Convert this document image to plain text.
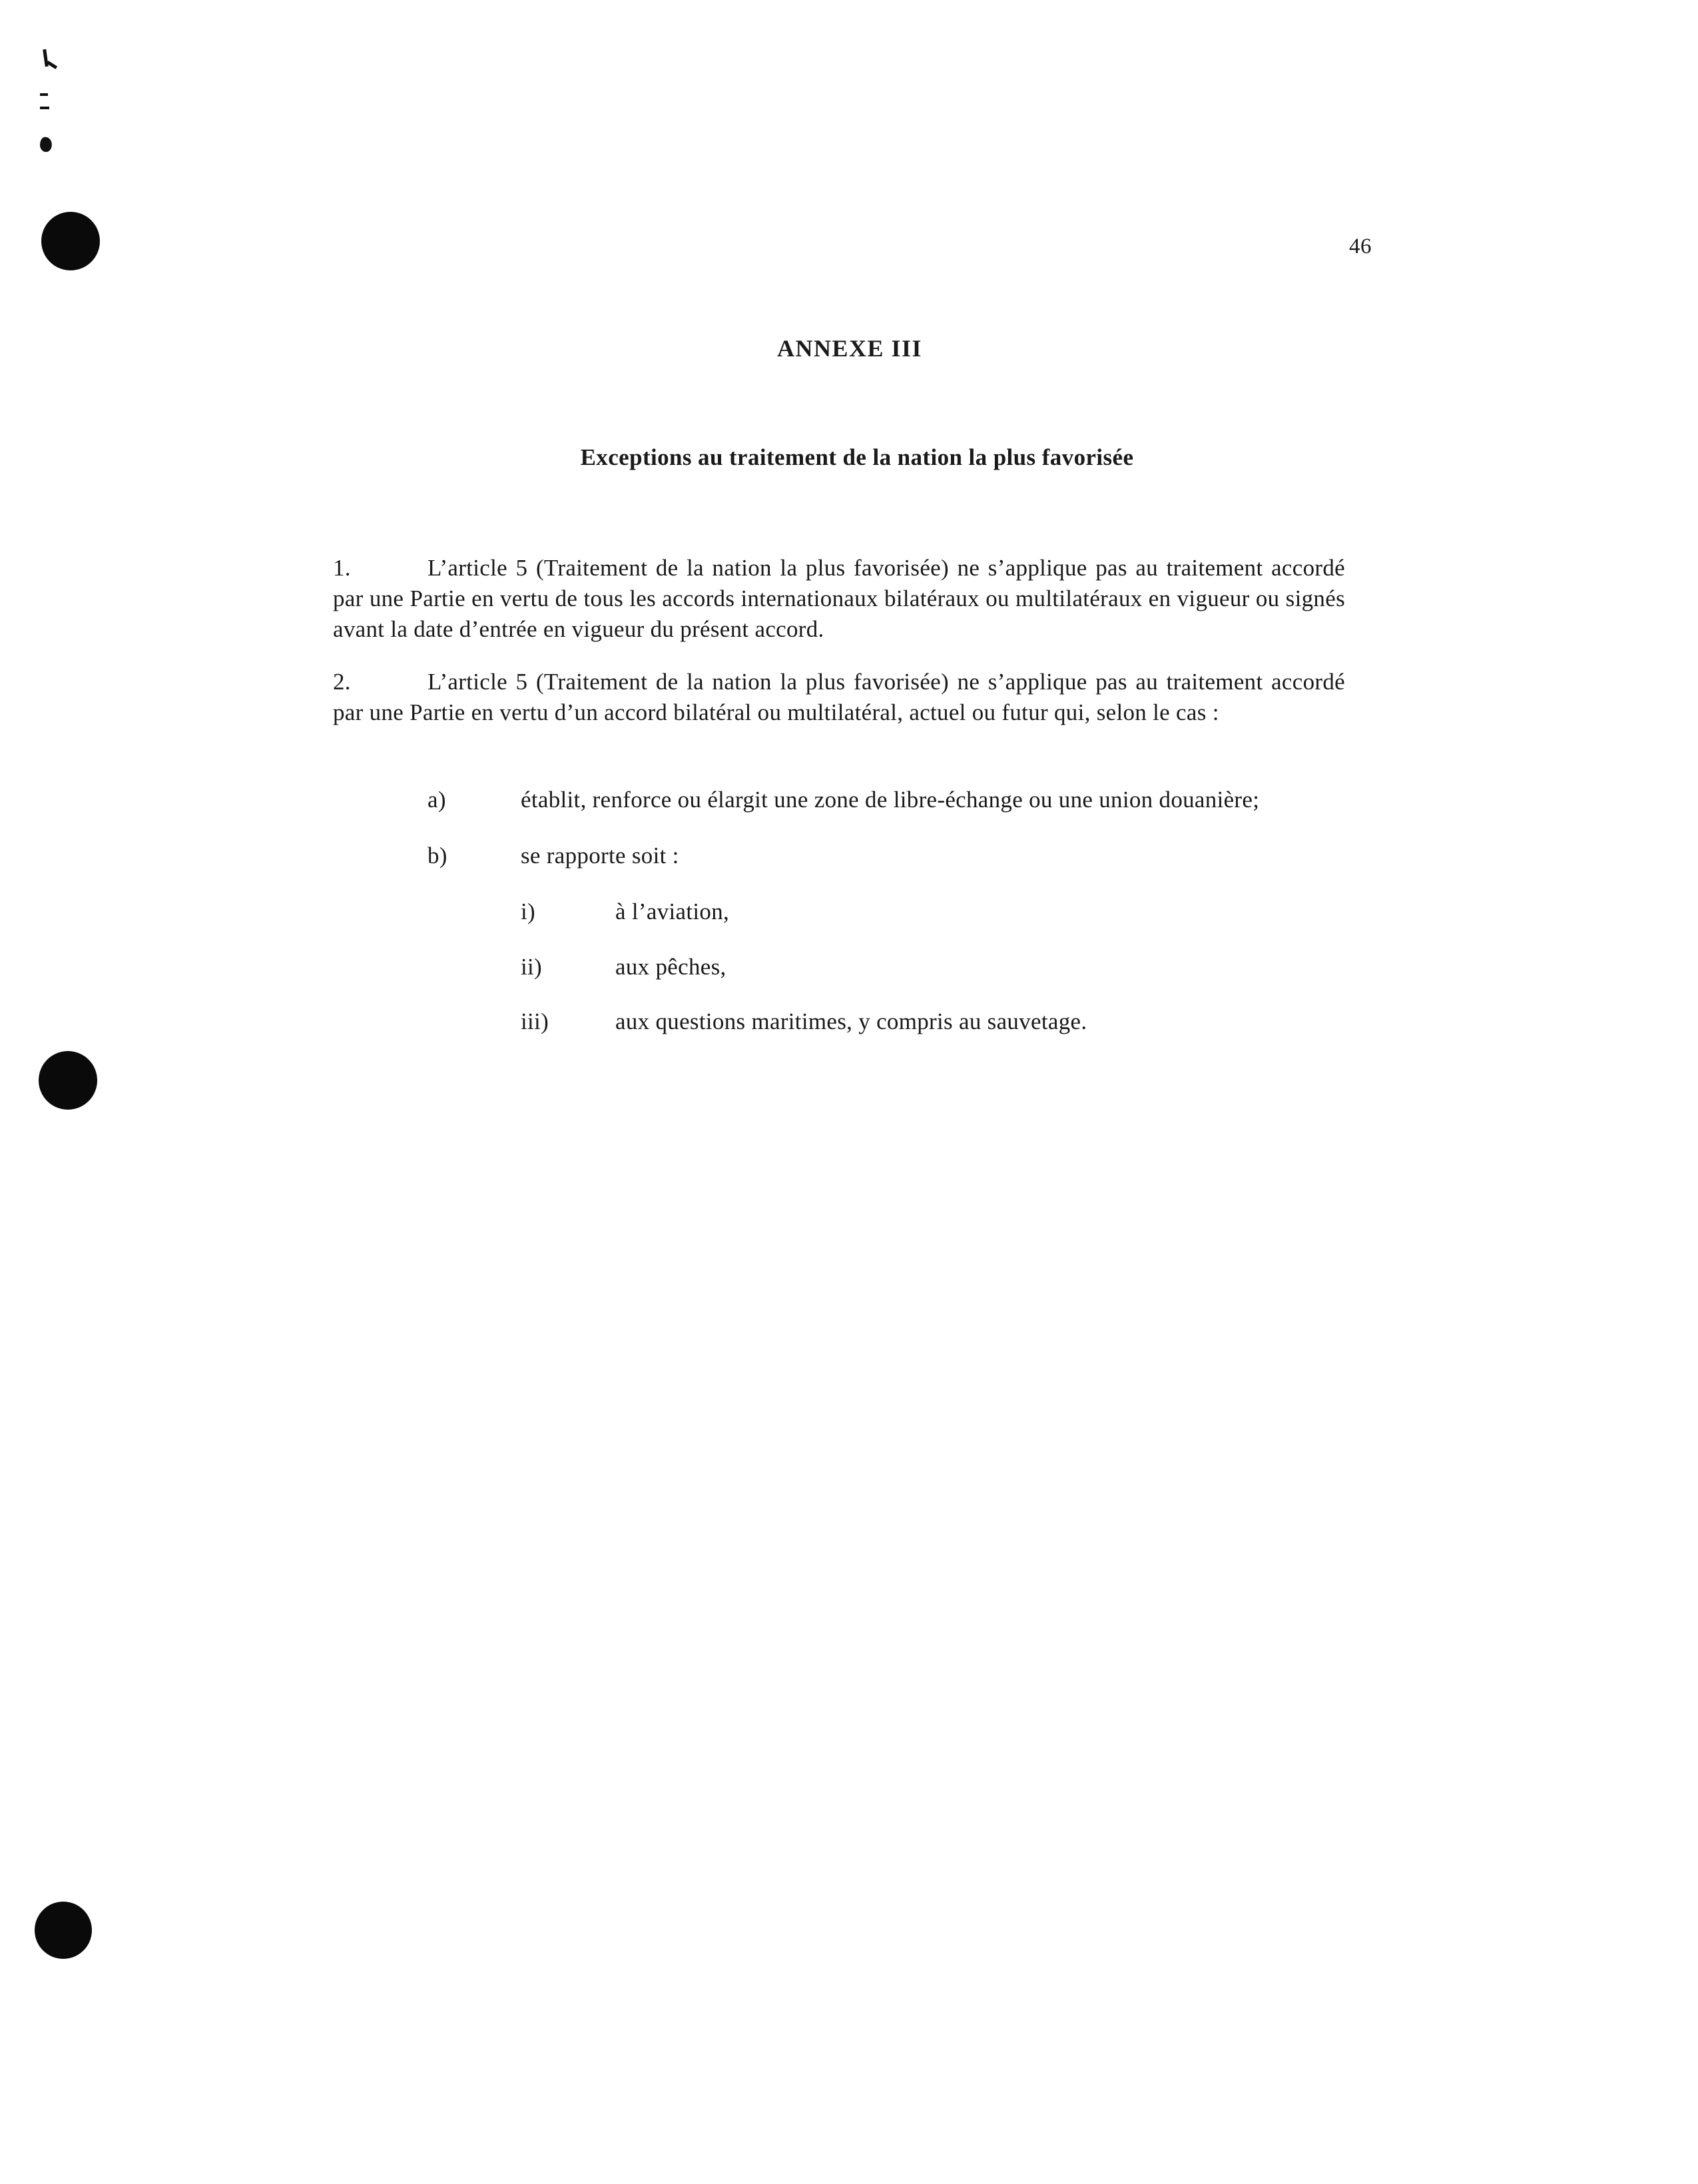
46
ANNEXE III
Exceptions au traitement de la nation la plus favorisée
1.	L’article 5 (Traitement de la nation la plus favorisée) ne s’applique pas au traitement accordé par une Partie en vertu de tous les accords internationaux bilatéraux ou multilatéraux en vigueur ou signés avant la date d’entrée en vigueur du présent accord.
2.	L’article 5 (Traitement de la nation la plus favorisée) ne s’applique pas au traitement accordé par une Partie en vertu d’un accord bilatéral ou multilatéral, actuel ou futur qui, selon le cas :
a)	établit, renforce ou élargit une zone de libre-échange ou une union douanière;
b)	se rapporte soit :
i)	à l’aviation,
ii)	aux pêches,
iii)	aux questions maritimes, y compris au sauvetage.
